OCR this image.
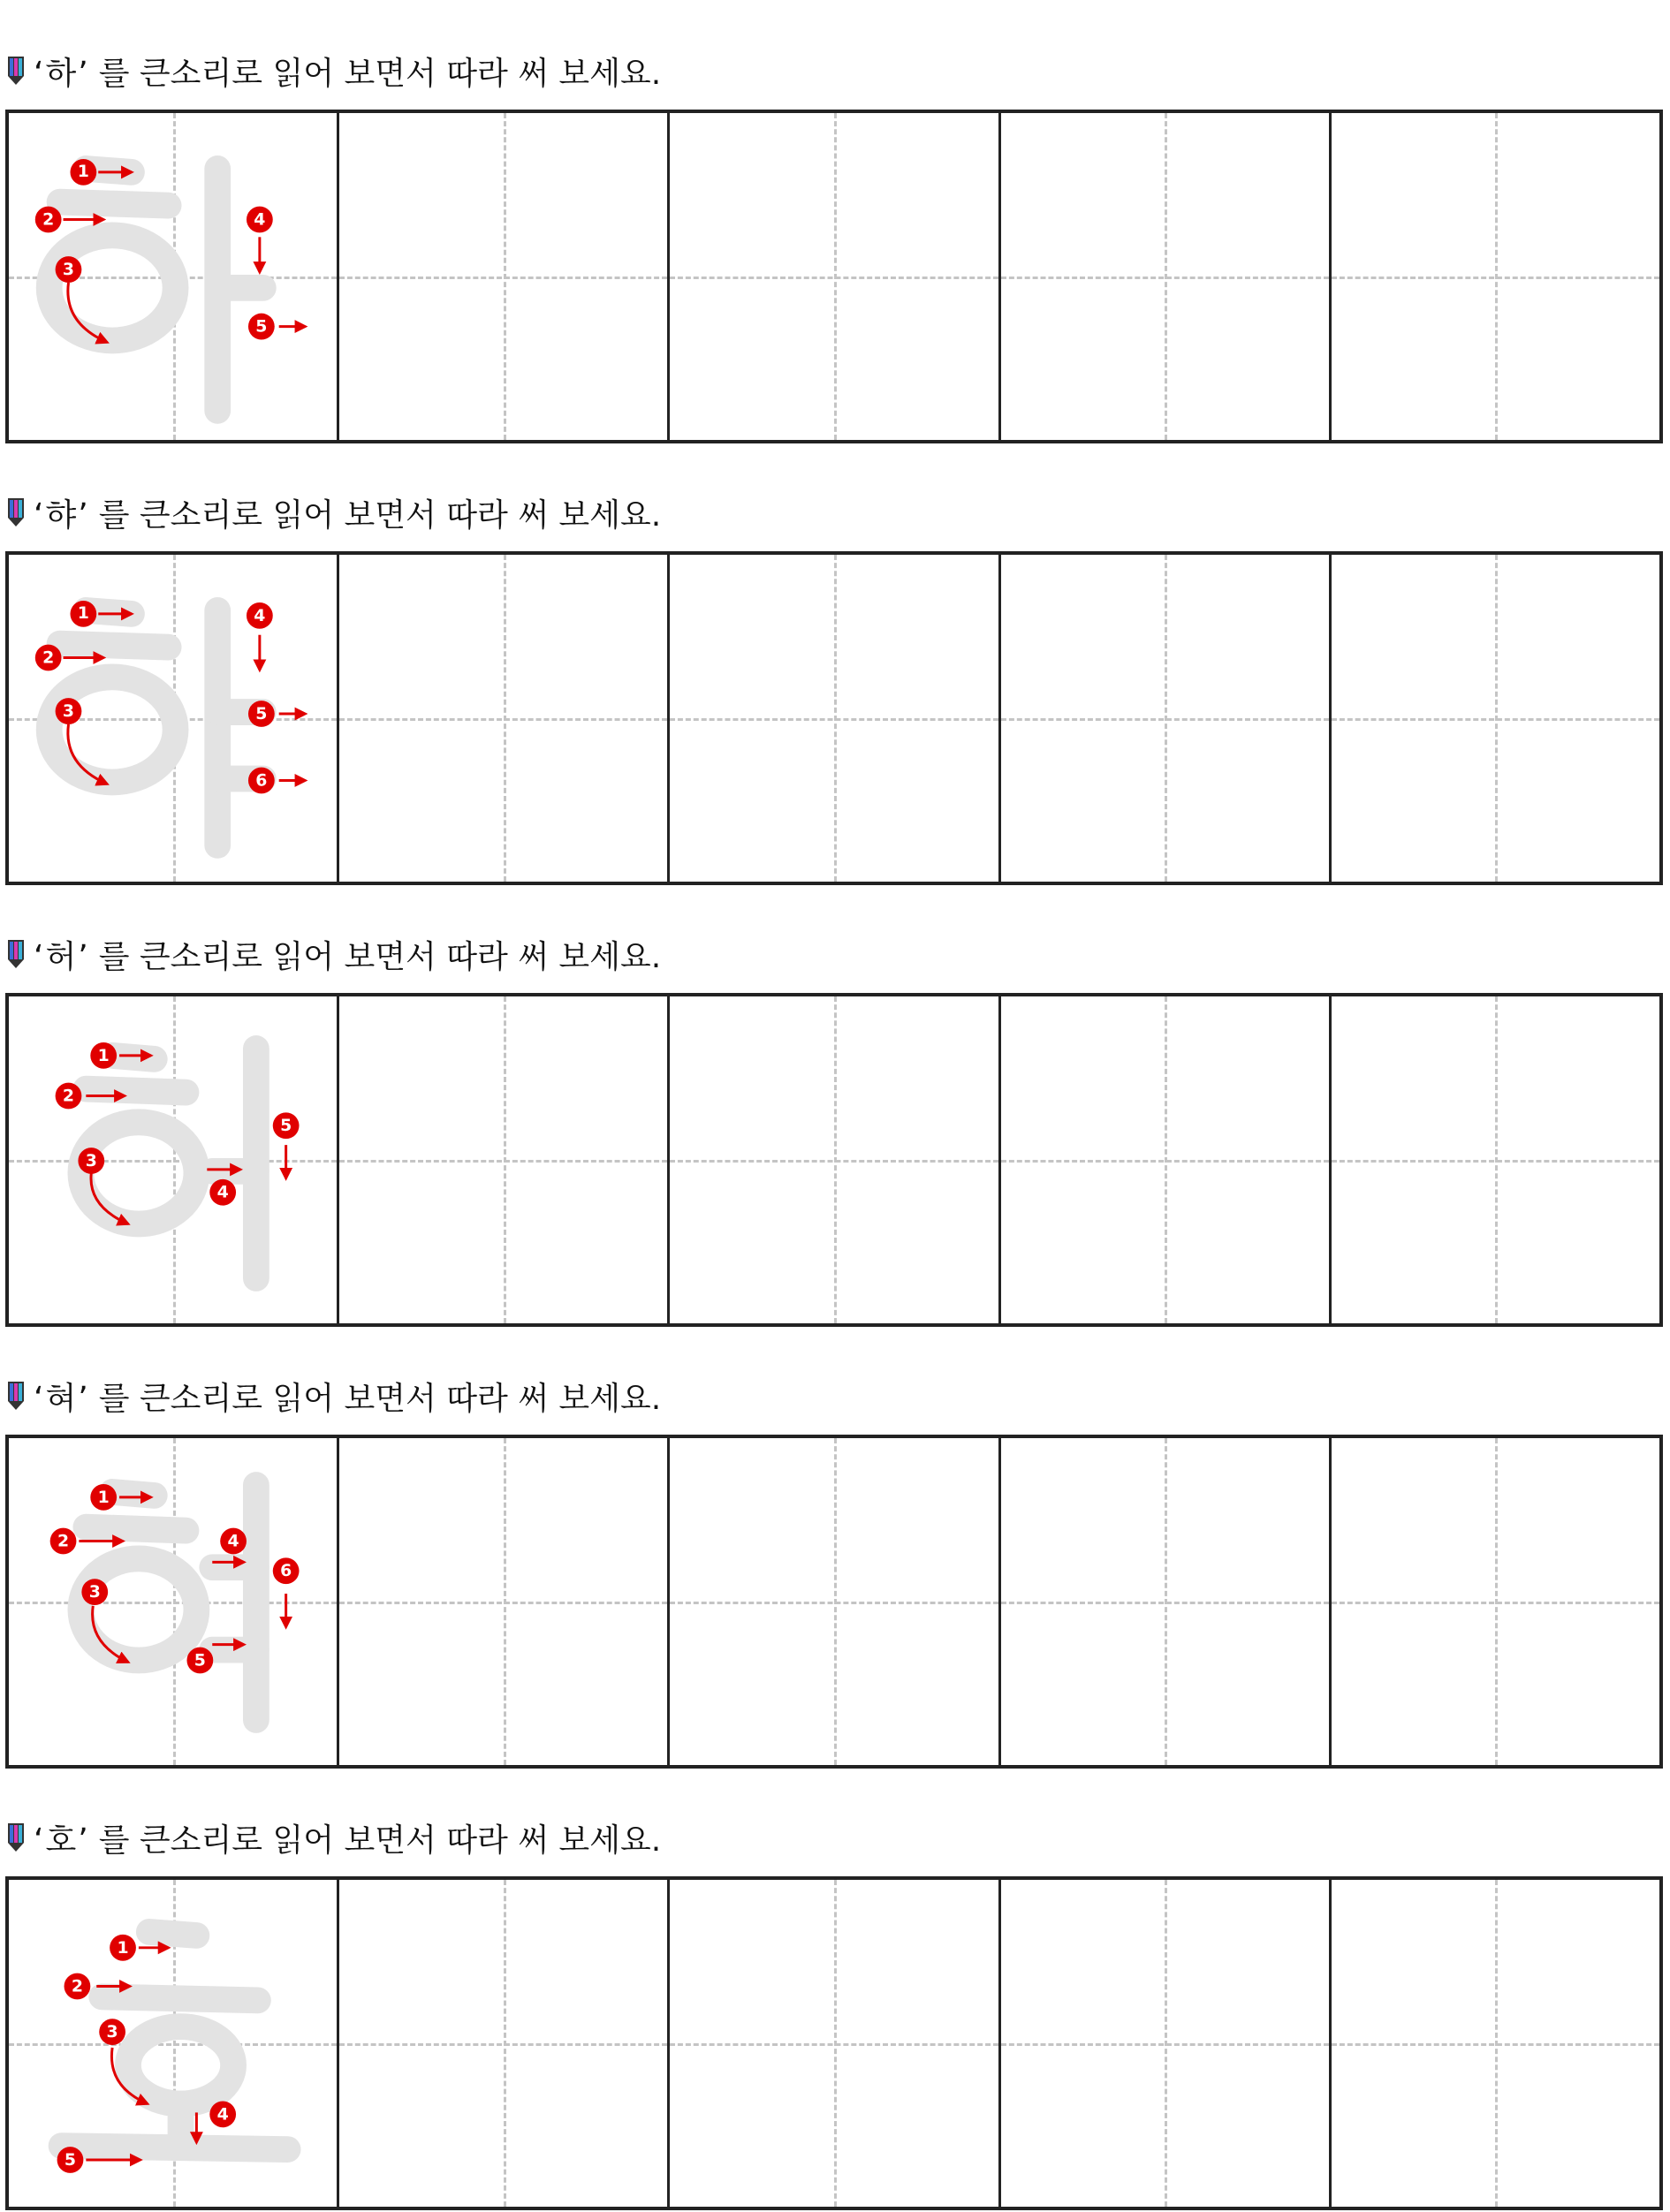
‘하’ 를 큰소리로 읽어 보면서 따라 써 보세요.
1
2
3
4
5
‘햐’ 를 큰소리로 읽어 보면서 따라 써 보세요.
1
2
3
4
5
6
‘허’ 를 큰소리로 읽어 보면서 따라 써 보세요.
1
2
3
4
5
‘혀’ 를 큰소리로 읽어 보면서 따라 써 보세요.
1
2
3
4
5
6
‘호’ 를 큰소리로 읽어 보면서 따라 써 보세요.
1
2
3
4
5
